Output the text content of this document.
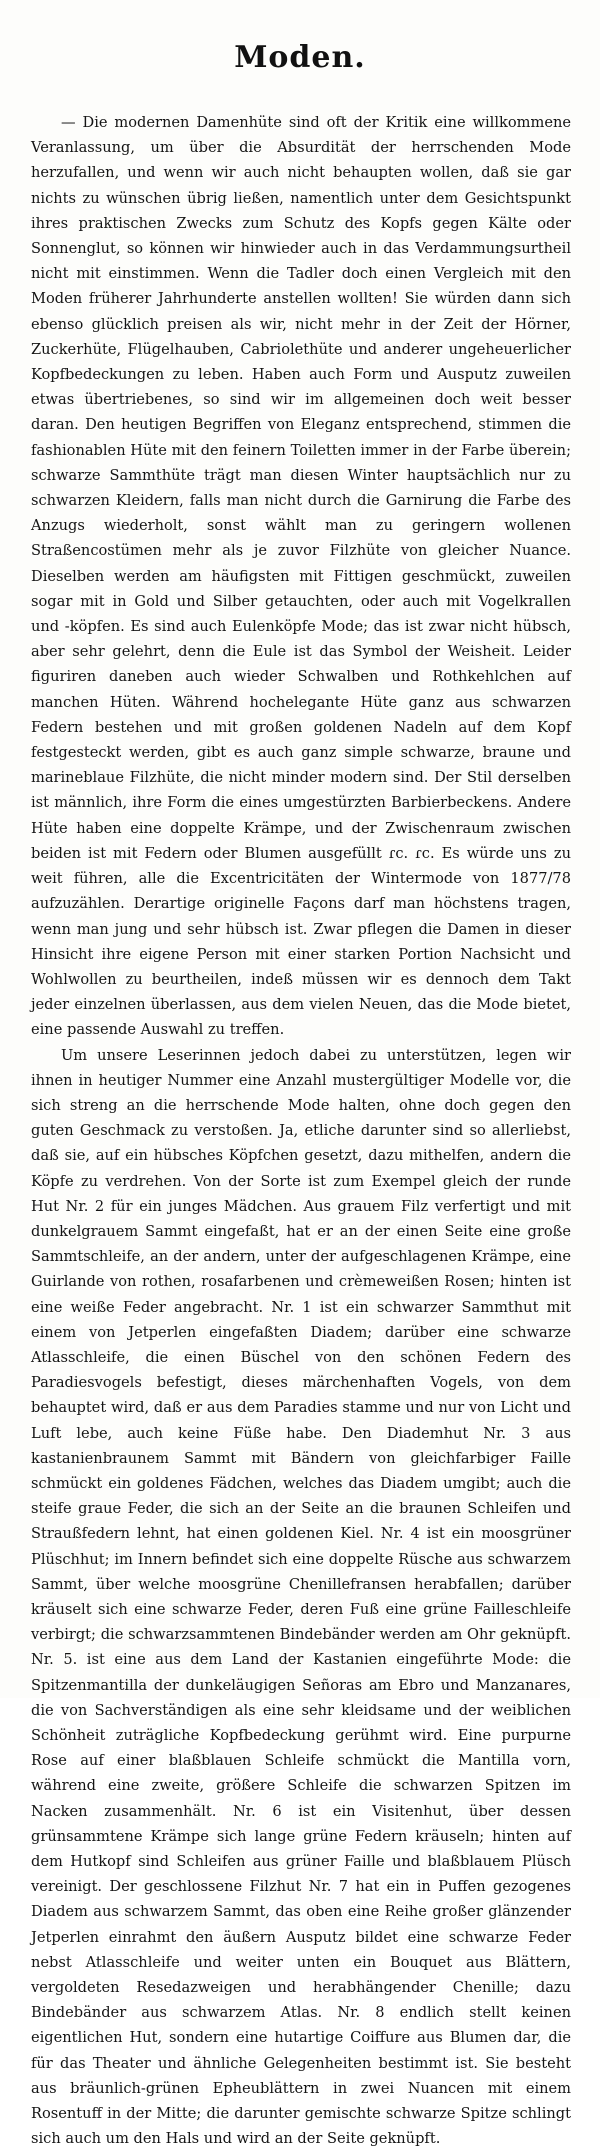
Moden.

— Die modernen Damenhüte sind oft der Kritik eine willkommene Veranlassung, um über die Absurdität der herrschenden Mode herzufallen, und wenn wir auch nicht behaupten wollen, daß sie gar nichts zu wünschen übrig ließen, namentlich unter dem Gesichtspunkt ihres praktischen Zwecks zum Schutz des Kopfs gegen Kälte oder Sonnenglut, so können wir hinwieder auch in das Verdammungsurtheil nicht mit einstimmen. Wenn die Tadler doch einen Vergleich mit den Moden früherer Jahrhunderte anstellen wollten! Sie würden dann sich ebenso glücklich preisen als wir, nicht mehr in der Zeit der Hörner, Zuckerhüte, Flügelhauben, Cabriolethüte und anderer ungeheuerlicher Kopfbedeckungen zu leben. Haben auch Form und Ausputz zuweilen etwas übertriebenes, so sind wir im allgemeinen doch weit besser daran. Den heutigen Begriffen von Eleganz entsprechend, stimmen die fashionablen Hüte mit den feinern Toiletten immer in der Farbe überein; schwarze Sammthüte trägt man diesen Winter hauptsächlich nur zu schwarzen Kleidern, falls man nicht durch die Garnirung die Farbe des Anzugs wiederholt, sonst wählt man zu geringern wollenen Straßencostümen mehr als je zuvor Filzhüte von gleicher Nuance. Dieselben werden am häufigsten mit Fittigen geschmückt, zuweilen sogar mit in Gold und Silber getauchten, oder auch mit Vogelkrallen und -köpfen. Es sind auch Eulenköpfe Mode; das ist zwar nicht hübsch, aber sehr gelehrt, denn die Eule ist das Symbol der Weisheit. Leider figuriren daneben auch wieder Schwalben und Rothkehlchen auf manchen Hüten. Während hochelegante Hüte ganz aus schwarzen Federn bestehen und mit großen goldenen Nadeln auf dem Kopf festgesteckt werden, gibt es auch ganz simple schwarze, braune und marineblaue Filzhüte, die nicht minder modern sind. Der Stil derselben ist männlich, ihre Form die eines umgestürzten Barbierbeckens. Andere Hüte haben eine doppelte Krämpe, und der Zwischenraum zwischen beiden ist mit Federn oder Blumen ausgefüllt ɾc. ɾc. Es würde uns zu weit führen, alle die Excentricitäten der Wintermode von 1877/78 aufzuzählen. Derartige originelle Façons darf man höchstens tragen, wenn man jung und sehr hübsch ist. Zwar pflegen die Damen in dieser Hinsicht ihre eigene Person mit einer starken Portion Nachsicht und Wohlwollen zu beurtheilen, indeß müssen wir es dennoch dem Takt jeder einzelnen überlassen, aus dem vielen Neuen, das die Mode bietet, eine passende Auswahl zu treffen.

Um unsere Leserinnen jedoch dabei zu unterstützen, legen wir ihnen in heutiger Nummer eine Anzahl mustergültiger Modelle vor, die sich streng an die herrschende Mode halten, ohne doch gegen den guten Geschmack zu verstoßen. Ja, etliche darunter sind so allerliebst, daß sie, auf ein hübsches Köpfchen gesetzt, dazu mithelfen, andern die Köpfe zu verdrehen. Von der Sorte ist zum Exempel gleich der runde Hut Nr. 2 für ein junges Mädchen. Aus grauem Filz verfertigt und mit dunkelgrauem Sammt eingefaßt, hat er an der einen Seite eine große Sammtschleife, an der andern, unter der aufgeschlagenen Krämpe, eine Guirlande von rothen, rosafarbenen und crèmeweißen Rosen; hinten ist eine weiße Feder angebracht. Nr. 1 ist ein schwarzer Sammthut mit einem von Jetperlen eingefaßten Diadem; darüber eine schwarze Atlasschleife, die einen Büschel von den schönen Federn des Paradiesvogels befestigt, dieses märchenhaften Vogels, von dem behauptet wird, daß er aus dem Paradies stamme und nur von Licht und Luft lebe, auch keine Füße habe. Den Diademhut Nr. 3 aus kastanienbraunem Sammt mit Bändern von gleichfarbiger Faille schmückt ein goldenes Fädchen, welches das Diadem umgibt; auch die steife graue Feder, die sich an der Seite an die braunen Schleifen und Straußfedern lehnt, hat einen goldenen Kiel. Nr. 4 ist ein moosgrüner Plüschhut; im Innern befindet sich eine doppelte Rüsche aus schwarzem Sammt, über welche moosgrüne Chenillefransen herabfallen; darüber kräuselt sich eine schwarze Feder, deren Fuß eine grüne Failleschleife verbirgt; die schwarzsammtenen Bindebänder werden am Ohr geknüpft. Nr. 5. ist eine aus dem Land der Kastanien eingeführte Mode: die Spitzenmantilla der dunkeläugigen Señoras am Ebro und Manzanares, die von Sachverständigen als eine sehr kleidsame und der weiblichen Schönheit zuträgliche Kopfbedeckung gerühmt wird. Eine purpurne Rose auf einer blaßblauen Schleife schmückt die Mantilla vorn, während eine zweite, größere Schleife die schwarzen Spitzen im Nacken zusammenhält. Nr. 6 ist ein Visitenhut, über dessen grünsammtene Krämpe sich lange grüne Federn kräuseln; hinten auf dem Hutkopf sind Schleifen aus grüner Faille und blaßblauem Plüsch vereinigt. Der geschlossene Filzhut Nr. 7 hat ein in Puffen gezogenes Diadem aus schwarzem Sammt, das oben eine Reihe großer glänzender Jetperlen einrahmt den äußern Ausputz bildet eine schwarze Feder nebst Atlasschleife und weiter unten ein Bouquet aus Blättern, vergoldeten Resedazweigen und herabhängender Chenille; dazu Bindebänder aus schwarzem Atlas. Nr. 8 endlich stellt keinen eigentlichen Hut, sondern eine hutartige Coiffure aus Blumen dar, die für das Theater und ähnliche Gelegenheiten bestimmt ist. Sie besteht aus bräunlich-grünen Epheublättern in zwei Nuancen mit einem Rosentuff in der Mitte; die darunter gemischte schwarze Spitze schlingt sich auch um den Hals und wird an der Seite geknüpft.
